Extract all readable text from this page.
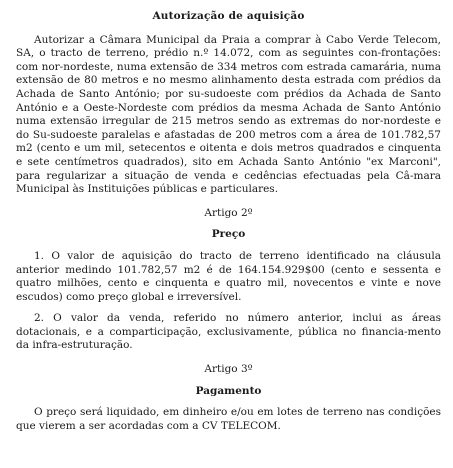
Autorização de aquisição

Autorizar a Câmara Municipal da Praia a comprar à Cabo Verde Telecom, SA, o tracto de terreno, prédio n.º 14.072, com as seguintes con-frontações: com nor-nordeste, numa extensão de 334 metros com estrada camarária, numa extensão de 80 metros e no mesmo alinhamento desta estrada com prédios da Achada de Santo António; por su-sudoeste com prédios da Achada de Santo António e a Oeste-Nordeste com prédios da mesma Achada de Santo António numa extensão irregular de 215 metros sendo as extremas do nor-nordeste e do Su-sudoeste paralelas e afastadas de 200 metros com a área de 101.782,57 m2 (cento e um mil, setecentos e oitenta e dois metros quadrados e cinquenta e sete centímetros quadrados), sito em Achada Santo António "ex Marconi", para regularizar a situação de venda e cedências efectuadas pela Câ-mara Municipal às Instituições públicas e particulares.

Artigo 2º
Preço

1. O valor de aquisição do tracto de terreno identificado na cláusula anterior medindo 101.782,57 m2 é de 164.154.929$00 (cento e sessenta e quatro milhões, cento e cinquenta e quatro mil, novecentos e vinte e nove escudos) como preço global e irreversível.

2. O valor da venda, referido no número anterior, inclui as áreas dotacionais, e a comparticipação, exclusivamente, pública no financia-mento da infra-estruturação.

Artigo 3º
Pagamento

O preço será liquidado, em dinheiro e/ou em lotes de terreno nas condições que vierem a ser acordadas com a CV TELECOM.
